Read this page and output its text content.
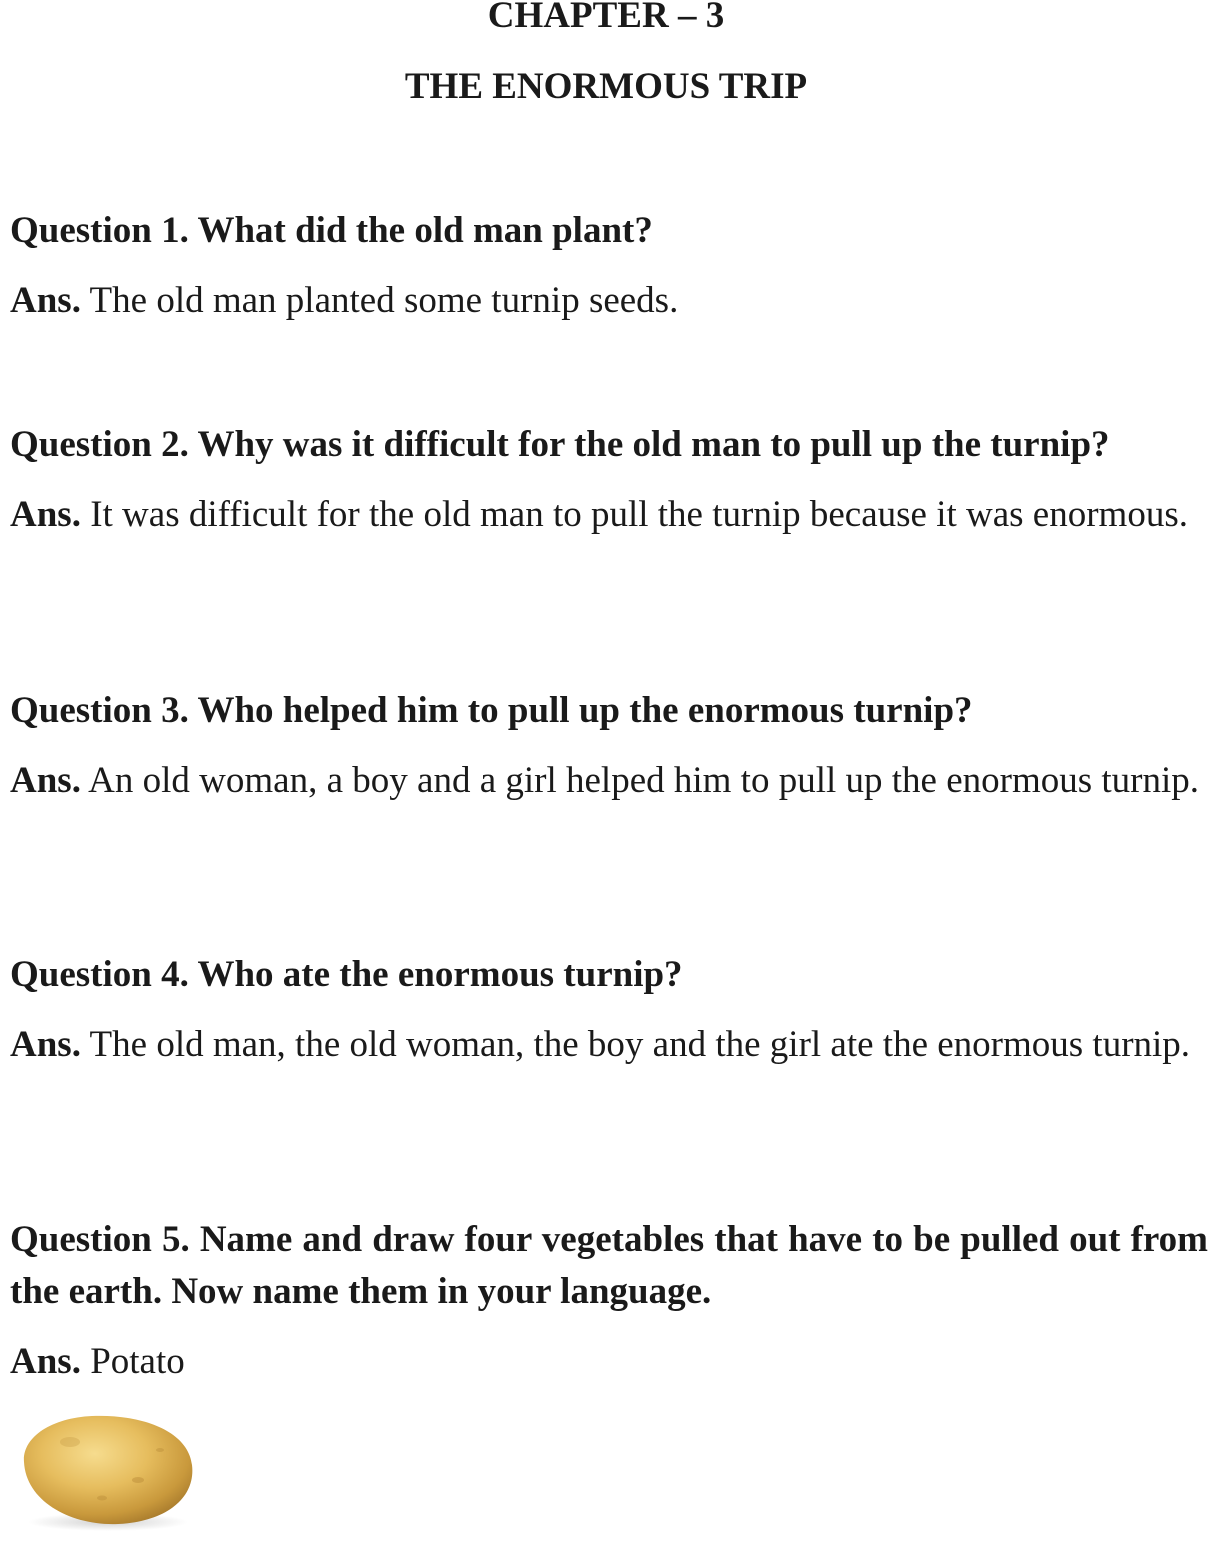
CHAPTER – 3
THE ENORMOUS TRIP

Question 1. What did the old man plant?

Ans. The old man planted some turnip seeds.

Question 2. Why was it difficult for the old man to pull up the turnip?

Ans. It was difficult for the old man to pull the turnip because it was enormous.

Question 3. Who helped him to pull up the enormous turnip?

Ans. An old woman, a boy and a girl helped him to pull up the enormous turnip.

Question 4. Who ate the enormous turnip?

Ans. The old man, the old woman, the boy and the girl ate the enormous turnip.

Question 5. Name and draw four vegetables that have to be pulled out from the earth. Now name them in your language.

Ans. Potato
